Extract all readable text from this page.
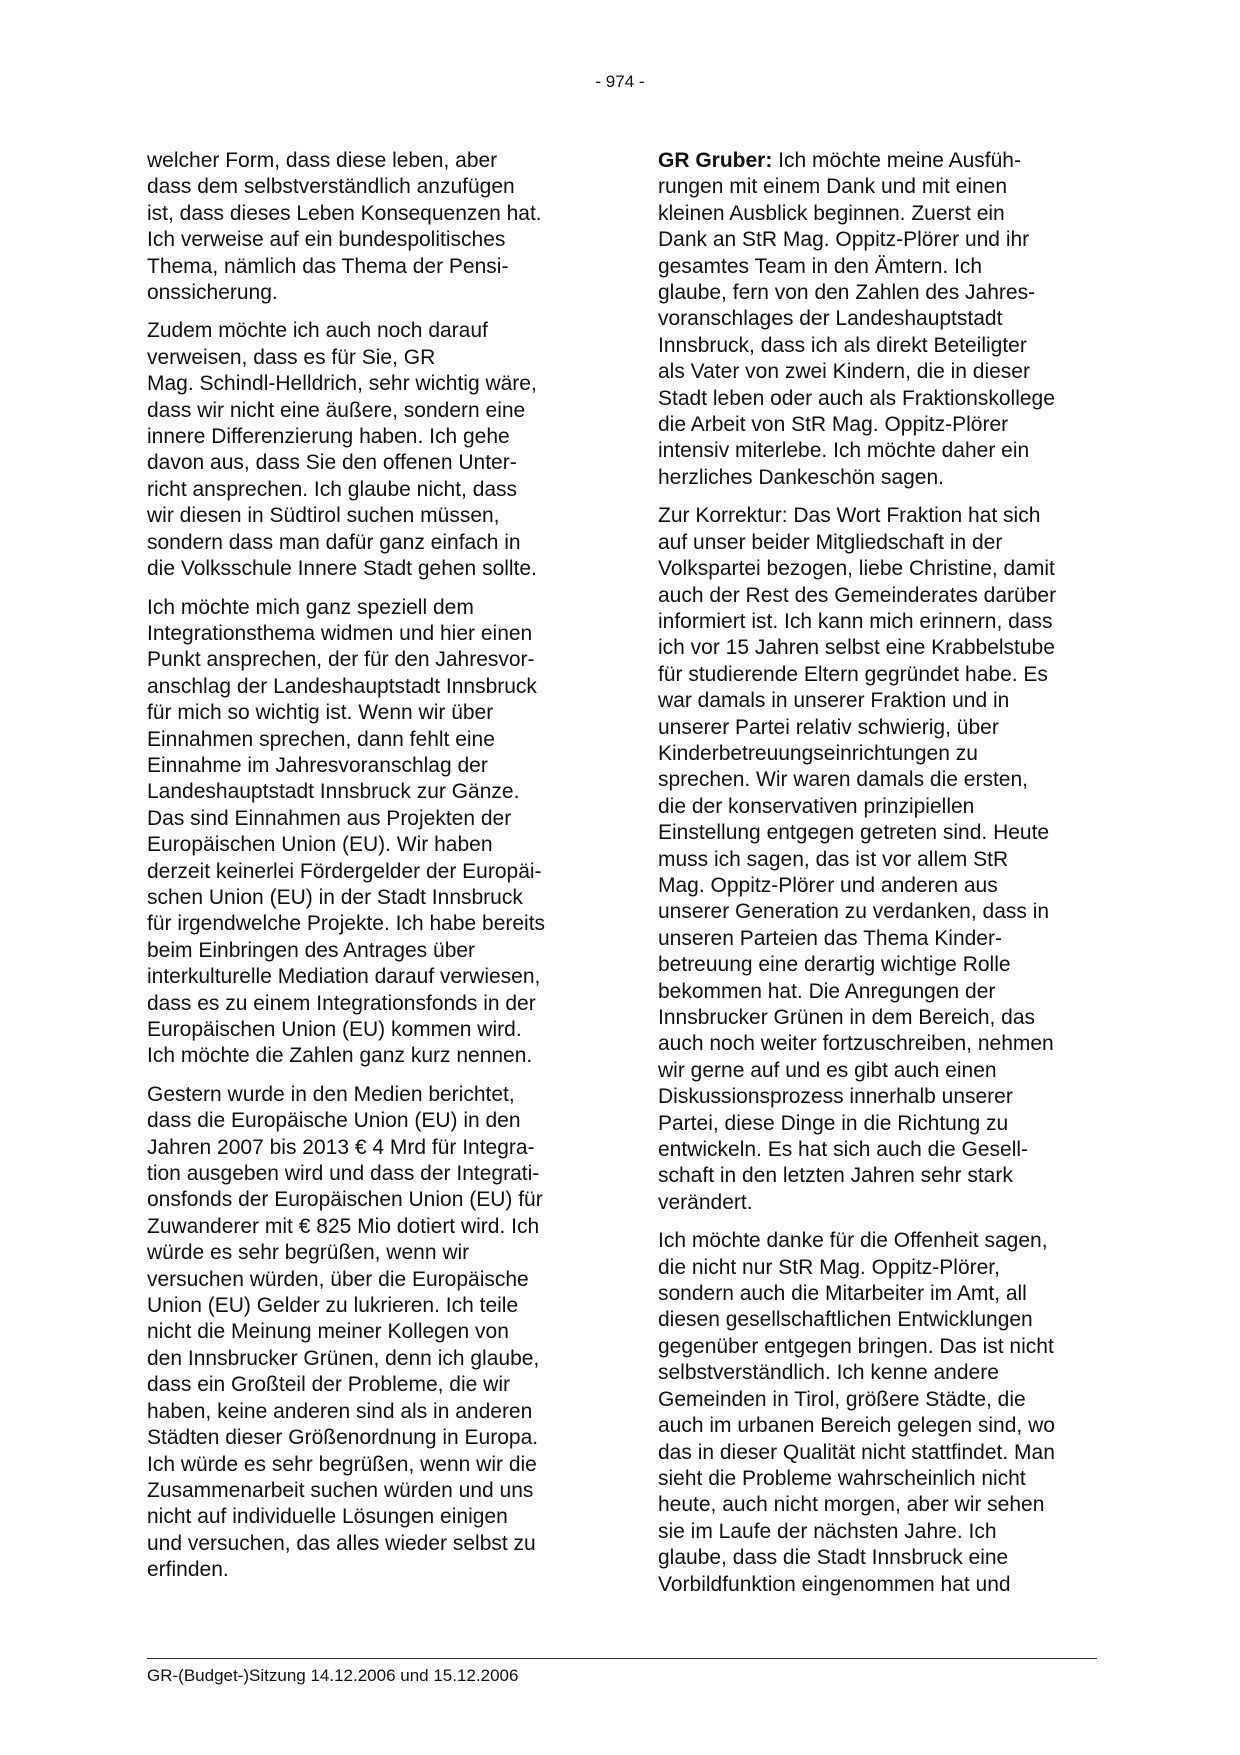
- 974 -
welcher Form, dass diese leben, aber
dass dem selbstverständlich anzufügen
ist, dass dieses Leben Konsequenzen hat.
Ich verweise auf ein bundespolitisches
Thema, nämlich das Thema der Pensi-
onssicherung.
Zudem möchte ich auch noch darauf
verweisen, dass es für Sie, GR
Mag. Schindl-Helldrich, sehr wichtig wäre,
dass wir nicht eine äußere, sondern eine
innere Differenzierung haben. Ich gehe
davon aus, dass Sie den offenen Unter-
richt ansprechen. Ich glaube nicht, dass
wir diesen in Südtirol suchen müssen,
sondern dass man dafür ganz einfach in
die Volksschule Innere Stadt gehen sollte.
Ich möchte mich ganz speziell dem
Integrationsthema widmen und hier einen
Punkt ansprechen, der für den Jahresvor-
anschlag der Landeshauptstadt Innsbruck
für mich so wichtig ist. Wenn wir über
Einnahmen sprechen, dann fehlt eine
Einnahme im Jahresvoranschlag der
Landeshauptstadt Innsbruck zur Gänze.
Das sind Einnahmen aus Projekten der
Europäischen Union (EU). Wir haben
derzeit keinerlei Fördergelder der Europäi-
schen Union (EU) in der Stadt Innsbruck
für irgendwelche Projekte. Ich habe bereits
beim Einbringen des Antrages über
interkulturelle Mediation darauf verwiesen,
dass es zu einem Integrationsfonds in der
Europäischen Union (EU) kommen wird.
Ich möchte die Zahlen ganz kurz nennen.
Gestern wurde in den Medien berichtet,
dass die Europäische Union (EU) in den
Jahren 2007 bis 2013 € 4 Mrd für Integra-
tion ausgeben wird und dass der Integrati-
onsfonds der Europäischen Union (EU) für
Zuwanderer mit € 825 Mio dotiert wird. Ich
würde es sehr begrüßen, wenn wir
versuchen würden, über die Europäische
Union (EU) Gelder zu lukrieren. Ich teile
nicht die Meinung meiner Kollegen von
den Innsbrucker Grünen, denn ich glaube,
dass ein Großteil der Probleme, die wir
haben, keine anderen sind als in anderen
Städten dieser Größenordnung in Europa.
Ich würde es sehr begrüßen, wenn wir die
Zusammenarbeit suchen würden und uns
nicht auf individuelle Lösungen einigen
und versuchen, das alles wieder selbst zu
erfinden.
GR Gruber: Ich möchte meine Ausfüh-
rungen mit einem Dank und mit einen
kleinen Ausblick beginnen. Zuerst ein
Dank an StR Mag. Oppitz-Plörer und ihr
gesamtes Team in den Ämtern. Ich
glaube, fern von den Zahlen des Jahres-
voranschlages der Landeshauptstadt
Innsbruck, dass ich als direkt Beteiligter
als Vater von zwei Kindern, die in dieser
Stadt leben oder auch als Fraktionskollege
die Arbeit von StR Mag. Oppitz-Plörer
intensiv miterlebe. Ich möchte daher ein
herzliches Dankeschön sagen.
Zur Korrektur: Das Wort Fraktion hat sich
auf unser beider Mitgliedschaft in der
Volkspartei bezogen, liebe Christine, damit
auch der Rest des Gemeinderates darüber
informiert ist. Ich kann mich erinnern, dass
ich vor 15 Jahren selbst eine Krabbelstube
für studierende Eltern gegründet habe. Es
war damals in unserer Fraktion und in
unserer Partei relativ schwierig, über
Kinderbetreuungseinrichtungen zu
sprechen. Wir waren damals die ersten,
die der konservativen prinzipiellen
Einstellung entgegen getreten sind. Heute
muss ich sagen, das ist vor allem StR
Mag. Oppitz-Plörer und anderen aus
unserer Generation zu verdanken, dass in
unseren Parteien das Thema Kinder-
betreuung eine derartig wichtige Rolle
bekommen hat. Die Anregungen der
Innsbrucker Grünen in dem Bereich, das
auch noch weiter fortzuschreiben, nehmen
wir gerne auf und es gibt auch einen
Diskussionsprozess innerhalb unserer
Partei, diese Dinge in die Richtung zu
entwickeln. Es hat sich auch die Gesell-
schaft in den letzten Jahren sehr stark
verändert.
Ich möchte danke für die Offenheit sagen,
die nicht nur StR Mag. Oppitz-Plörer,
sondern auch die Mitarbeiter im Amt, all
diesen gesellschaftlichen Entwicklungen
gegenüber entgegen bringen. Das ist nicht
selbstverständlich. Ich kenne andere
Gemeinden in Tirol, größere Städte, die
auch im urbanen Bereich gelegen sind, wo
das in dieser Qualität nicht stattfindet. Man
sieht die Probleme wahrscheinlich nicht
heute, auch nicht morgen, aber wir sehen
sie im Laufe der nächsten Jahre. Ich
glaube, dass die Stadt Innsbruck eine
Vorbildfunktion eingenommen hat und
GR-(Budget-)Sitzung 14.12.2006 und 15.12.2006
